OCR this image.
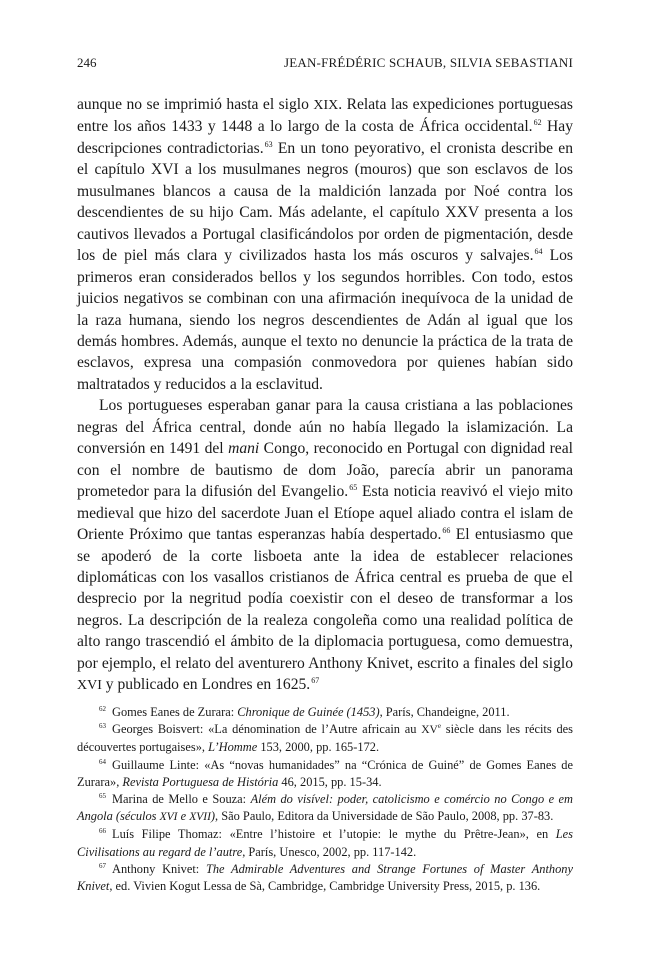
246	JEAN-FRÉDÉRIC SCHAUB, SILVIA SEBASTIANI

aunque no se imprimió hasta el siglo XIX. Relata las expediciones portuguesas entre los años 1433 y 1448 a lo largo de la costa de África occidental.$^{62}$ Hay descripciones contradictorias.$^{63}$ En un tono peyorativo, el cronista describe en el capítulo XVI a los musulmanes negros (mouros) que son esclavos de los musulmanes blancos a causa de la maldición lanzada por Noé contra los descendientes de su hijo Cam. Más adelante, el capítulo XXV presenta a los cautivos llevados a Portugal clasificándolos por orden de pigmentación, desde los de piel más clara y civilizados hasta los más oscuros y salvajes.$^{64}$ Los primeros eran considerados bellos y los segundos horribles. Con todo, estos juicios negativos se combinan con una afirmación inequívoca de la unidad de la raza humana, siendo los negros descendientes de Adán al igual que los demás hombres. Además, aunque el texto no denuncie la práctica de la trata de esclavos, expresa una compasión conmovedora por quienes habían sido maltratados y reducidos a la esclavitud.

Los portugueses esperaban ganar para la causa cristiana a las poblaciones negras del África central, donde aún no había llegado la islamización. La conversión en 1491 del mani Congo, reconocido en Portugal con dignidad real con el nombre de bautismo de dom João, parecía abrir un panorama prometedor para la difusión del Evangelio.$^{65}$ Esta noticia reavivó el viejo mito medieval que hizo del sacerdote Juan el Etíope aquel aliado contra el islam de Oriente Próximo que tantas esperanzas había despertado.$^{66}$ El entusiasmo que se apoderó de la corte lisboeta ante la idea de establecer relaciones diplomáticas con los vasallos cristianos de África central es prueba de que el desprecio por la negritud podía coexistir con el deseo de transformar a los negros. La descripción de la realeza congoleña como una realidad política de alto rango trascendió el ámbito de la diplomacia portuguesa, como demuestra, por ejemplo, el relato del aventurero Anthony Knivet, escrito a finales del siglo XVI y publicado en Londres en 1625.67

$^{62}$ Gomes Eanes de Zurara: Chronique de Guinée (1453), París, Chandeigne, 2011.

$^{63}$ Georges Boisvert: «La dénomination de l’Autre africain au XVe siècle dans les récits des découvertes portugaises», L’Homme 153, 2000, pp. 165-172.

$^{64}$ Guillaume Linte: «As “novas humanidades” na “Crónica de Guiné” de Gomes Eanes de Zurara», Revista Portuguesa de História 46, 2015, pp. 15-34.

$^{65}$ Marina de Mello e Souza: Além do visível: poder, catolicismo e comércio no Congo e em Angola (séculos XVI e XVII), São Paulo, Editora da Universidade de São Paulo, 2008, pp. 37-83.

$^{66}$ Luís Filipe Thomaz: «Entre l’histoire et l’utopie: le mythe du Prêtre-Jean», en Les Civilisations au regard de l’autre, París, Unesco, 2002, pp. 117-142.

$^{67}$ Anthony Knivet: The Admirable Adventures and Strange Fortunes of Master Anthony Knivet, ed. Vivien Kogut Lessa de Sà, Cambridge, Cambridge University Press, 2015, p. 136.
